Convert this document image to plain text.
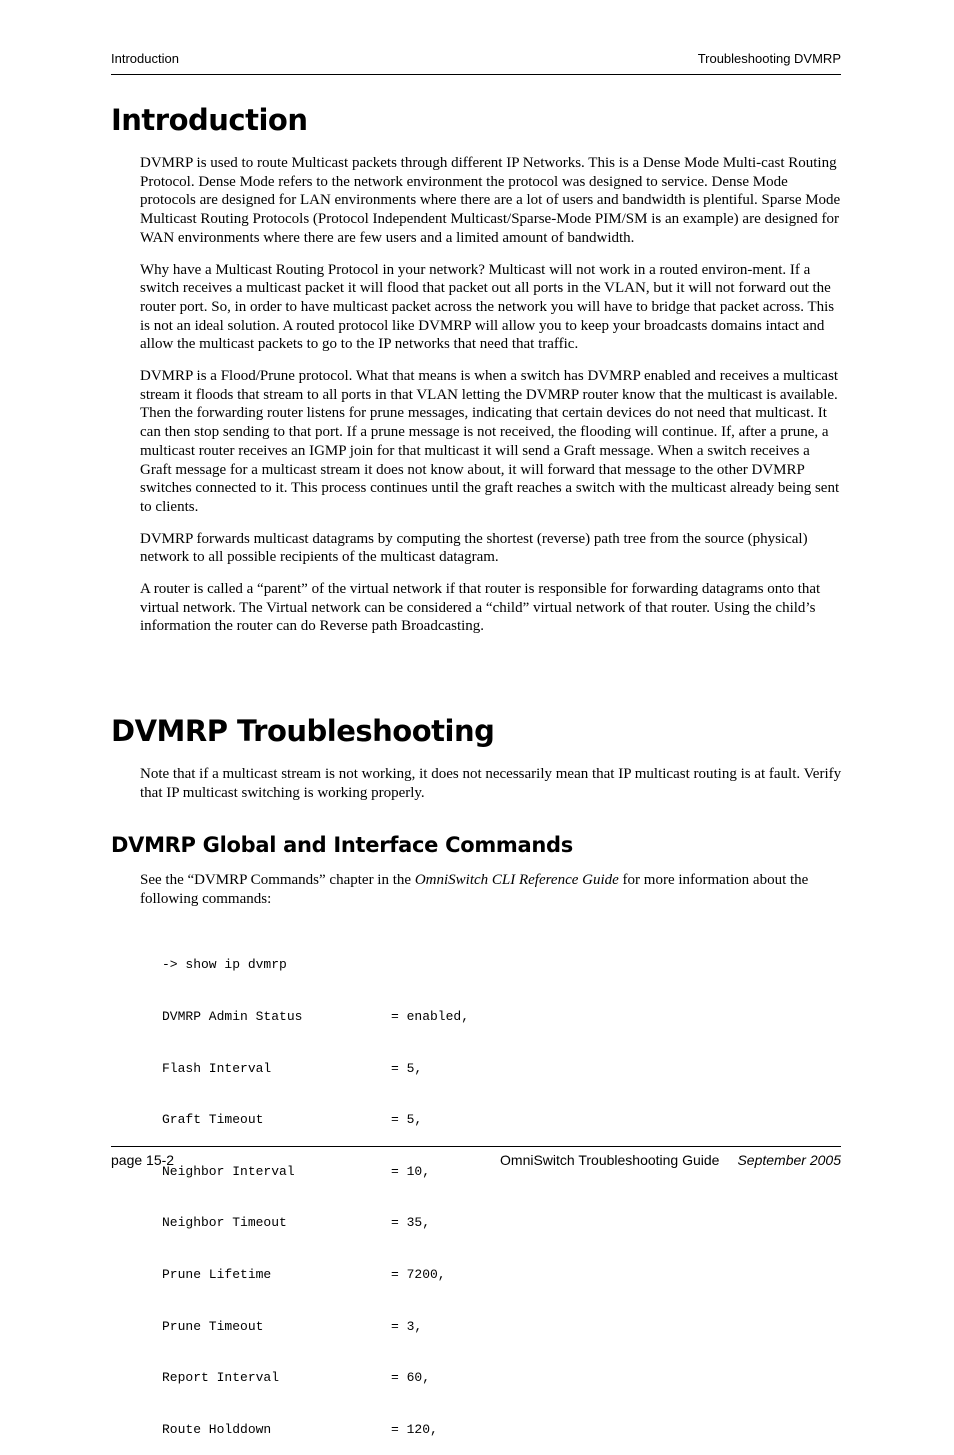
Introduction	Troubleshooting DVMRP
Introduction

DVMRP is used to route Multicast packets through different IP Networks. This is a Dense Mode Multi-cast Routing Protocol. Dense Mode refers to the network environment the protocol was designed to service. Dense Mode protocols are designed for LAN environments where there are a lot of users and bandwidth is plentiful. Sparse Mode Multicast Routing Protocols (Protocol Independent Multicast/Sparse-Mode PIM/SM is an example) are designed for WAN environments where there are few users and a limited amount of bandwidth.

Why have a Multicast Routing Protocol in your network? Multicast will not work in a routed environ-ment. If a switch receives a multicast packet it will flood that packet out all ports in the VLAN, but it will not forward out the router port. So, in order to have multicast packet across the network you will have to bridge that packet across. This is not an ideal solution. A routed protocol like DVMRP will allow you to keep your broadcasts domains intact and allow the multicast packets to go to the IP networks that need that traffic.

DVMRP is a Flood/Prune protocol. What that means is when a switch has DVMRP enabled and receives a multicast stream it floods that stream to all ports in that VLAN letting the DVMRP router know that the multicast is available. Then the forwarding router listens for prune messages, indicating that certain devices do not need that multicast. It can then stop sending to that port. If a prune message is not received, the flooding will continue. If, after a prune, a multicast router receives an IGMP join for that multicast it will send a Graft message. When a switch receives a Graft message for a multicast stream it does not know about, it will forward that message to the other DVMRP switches connected to it. This process continues until the graft reaches a switch with the multicast already being sent to clients.

DVMRP forwards multicast datagrams by computing the shortest (reverse) path tree from the source (physical) network to all possible recipients of the multicast datagram.

A router is called a “parent” of the virtual network if that router is responsible for forwarding datagrams onto that virtual network. The Virtual network can be considered a “child” virtual network of that router. Using the child’s information the router can do Reverse path Broadcasting.

DVMRP Troubleshooting

Note that if a multicast stream is not working, it does not necessarily mean that IP multicast routing is at fault. Verify that IP multicast switching is working properly.

DVMRP Global and Interface Commands

See the “DVMRP Commands” chapter in the OmniSwitch CLI Reference Guide for more information about the following commands:

-> show ip dvmrp

DVMRP Admin Status	= enabled,

Flash Interval	= 5,

Graft Timeout	= 5,

Neighbor Interval	= 10,

Neighbor Timeout	= 35,

Prune Lifetime	= 7200,

Prune Timeout	= 3,

Report Interval	= 60,

Route Holddown	= 120,

page 15-2	OmniSwitch Troubleshooting Guide September 2005
